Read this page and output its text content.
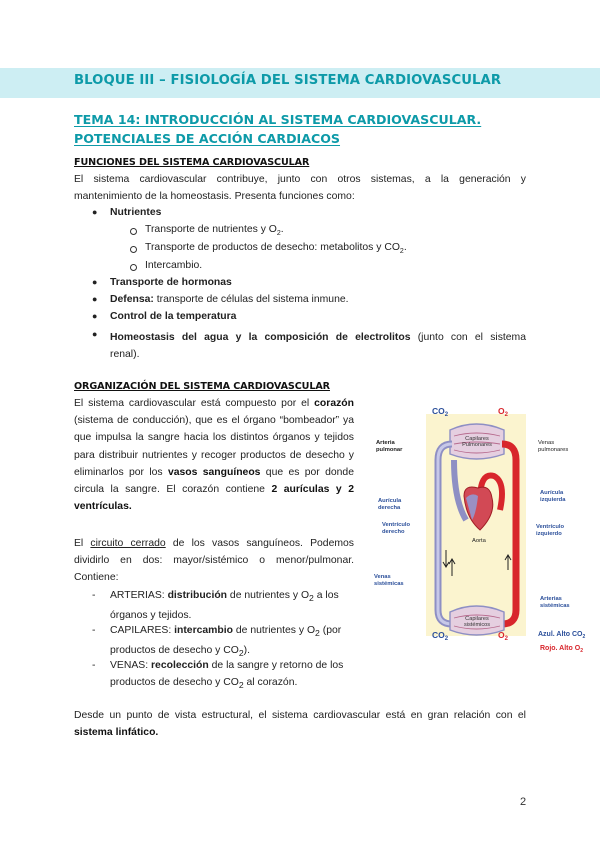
BLOQUE III – FISIOLOGÍA DEL SISTEMA CARDIOVASCULAR
TEMA 14: INTRODUCCIÓN AL SISTEMA CARDIOVASCULAR.
POTENCIALES DE ACCIÓN CARDIACOS
FUNCIONES DEL SISTEMA CARDIOVASCULAR
El sistema cardiovascular contribuye, junto con otros sistemas, a la generación y
mantenimiento de la homeostasis. Presenta funciones como:
● Nutrientes
Transporte de nutrientes y $O_2$.
Transporte de productos de desecho: metabolitos y $CO_2$.
Intercambio.
● Transporte de hormonas
● Defensa: transporte de células del sistema inmune.
● Control de la temperatura
● Homeostasis del agua y la composición de electrolitos (junto con el sistema
renal).
ORGANIZACIÓN DEL SISTEMA CARDIOVASCULAR
El sistema cardiovascular está compuesto por el corazón (sistema de conducción), que es el órgano “bombeador” ya que impulsa la sangre hacia los distintos órganos y tejidos para distribuir nutrientes y recoger productos de desecho y eliminarlos por los vasos sanguíneos que es por donde circula la sangre. El corazón contiene 2 aurículas y 2 ventrículas.
El circuito cerrado de los vasos sanguíneos. Podemos dividirlo en dos: mayor/sistémico o menor/pulmonar. Contiene:
- ARTERIAS: distribución de nutrientes y $O_2$ a los órganos y tejidos.
- CAPILARES: intercambio de nutrientes y $O_2$ (por productos de desecho y $CO_2$).
- VENAS: recolección de la sangre y retorno de los productos de desecho y $CO_2$ al corazón.
Desde un punto de vista estructural, el sistema cardiovascular está en gran relación con el sistema linfático.
$CO_2$	$O_2$
Capilares Pulmonares
Capilares sistémicos
Arteria pulmonar
Venas pulmonares
Aurícula derecha
Aurícula izquierda
Ventrículo derecho
Ventrículo izquierdo
Aorta
Venas sistémicas
Arterias sistémicas
$CO_2$	$O_2$
Azul. Alto $CO_2$
Rojo. Alto $O_2$
2
